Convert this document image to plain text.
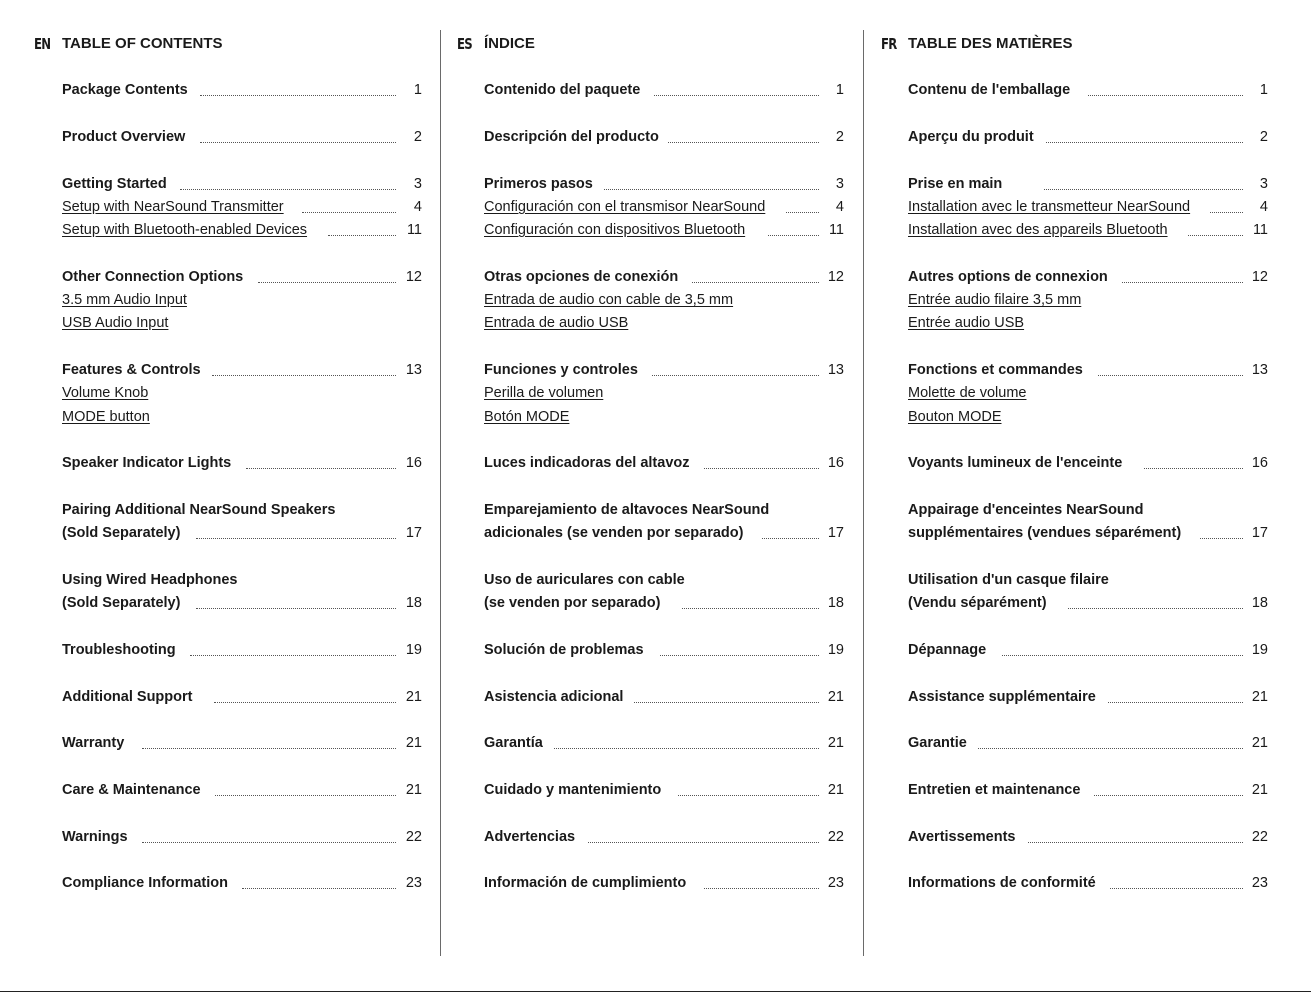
EN	ES	FR
TABLE OF CONTENTS
Package Contents	1
Product Overview	2
Getting Started	3
Setup with NearSound Transmitter	4
Setup with Bluetooth-enabled Devices	11
Other Connection Options	12
3.5 mm Audio Input
USB Audio Input
Features & Controls	13
Volume Knob
MODE button
Speaker Indicator Lights	16
Pairing Additional NearSound Speakers
(Sold Separately)	17
Using Wired Headphones
(Sold Separately)	18
Troubleshooting	19
Additional Support	21
Warranty	21
Care & Maintenance	21
Warnings	22
Compliance Information	23
ÍNDICE
Contenido del paquete	1
Descripción del producto	2
Primeros pasos	3
Configuración con el transmisor NearSound	4
Configuración con dispositivos Bluetooth	11
Otras opciones de conexión	12
Entrada de audio con cable de 3,5 mm
Entrada de audio USB
Funciones y controles	13
Perilla de volumen
Botón MODE
Luces indicadoras del altavoz	16
Emparejamiento de altavoces NearSound
adicionales (se venden por separado)	17
Uso de auriculares con cable
(se venden por separado)	18
Solución de problemas	19
Asistencia adicional	21
Garantía	21
Cuidado y mantenimiento	21
Advertencias	22
Información de cumplimiento	23
TABLE DES MATIÈRES
Contenu de l'emballage	1
Aperçu du produit	2
Prise en main	3
Installation avec le transmetteur NearSound	4
Installation avec des appareils Bluetooth	11
Autres options de connexion	12
Entrée audio filaire 3,5 mm
Entrée audio USB
Fonctions et commandes	13
Molette de volume
Bouton MODE
Voyants lumineux de l'enceinte	16
Appairage d'enceintes NearSound
supplémentaires (vendues séparément)	17
Utilisation d'un casque filaire
(Vendu séparément)	18
Dépannage	19
Assistance supplémentaire	21
Garantie	21
Entretien et maintenance	21
Avertissements	22
Informations de conformité	23
